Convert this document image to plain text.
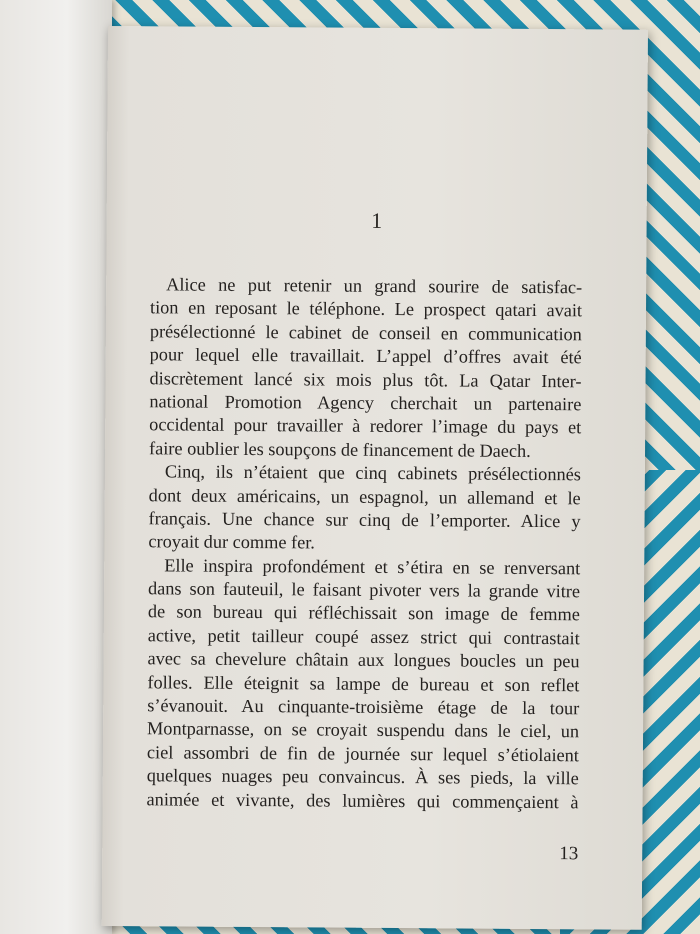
1
Alice ne put retenir un grand sourire de satisfac-
tion en reposant le téléphone. Le prospect qatari avait
présélectionné le cabinet de conseil en communication
pour lequel elle travaillait. L’appel d’offres avait été
discrètement lancé six mois plus tôt. La Qatar Inter-
national Promotion Agency cherchait un partenaire
occidental pour travailler à redorer l’image du pays et
faire oublier les soupçons de financement de Daech.
Cinq, ils n’étaient que cinq cabinets présélectionnés
dont deux américains, un espagnol, un allemand et le
français. Une chance sur cinq de l’emporter. Alice y
croyait dur comme fer.
Elle inspira profondément et s’étira en se renversant
dans son fauteuil, le faisant pivoter vers la grande vitre
de son bureau qui réfléchissait son image de femme
active, petit tailleur coupé assez strict qui contrastait
avec sa chevelure châtain aux longues boucles un peu
folles. Elle éteignit sa lampe de bureau et son reflet
s’évanouit. Au cinquante-troisième étage de la tour
Montparnasse, on se croyait suspendu dans le ciel, un
ciel assombri de fin de journée sur lequel s’étiolaient
quelques nuages peu convaincus. À ses pieds, la ville
animée et vivante, des lumières qui commençaient à
13
